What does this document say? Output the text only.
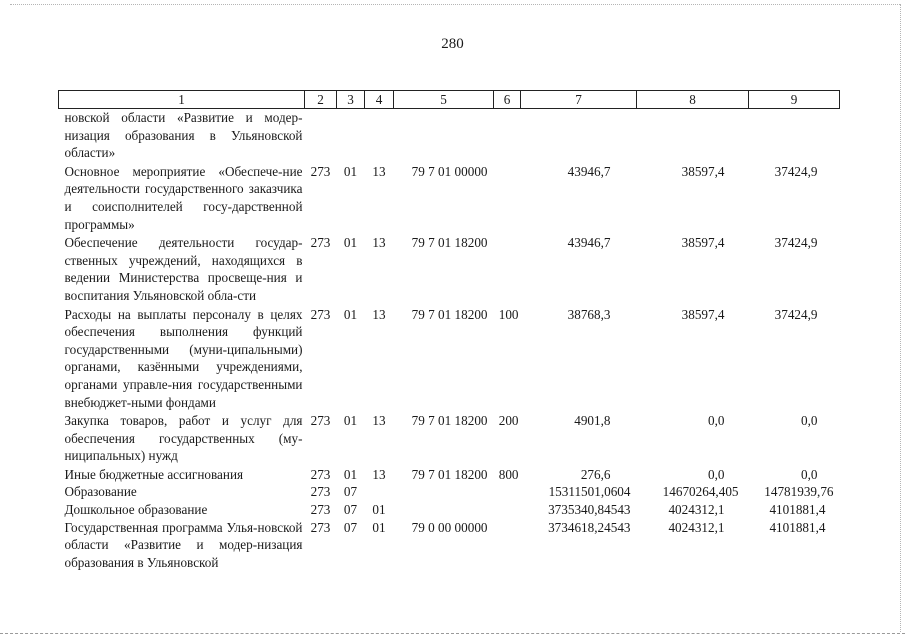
280
1	2	3	4	5	6	7	8	9
новской области «Развитие и модер-низация образования в Ульяновской области»								
Основное мероприятие «Обеспече-ние деятельности государственного заказчика и соисполнителей госу-дарственной программы»	273	01	13	79 7 01 00000		43946,7	38597,4	37424,9
Обеспечение деятельности государ-ственных учреждений, находящихся в ведении Министерства просвеще-ния и воспитания Ульяновской обла-сти	273	01	13	79 7 01 18200		43946,7	38597,4	37424,9
Расходы на выплаты персоналу в целях обеспечения выполнения функций государственными (муни-ципальными) органами, казёнными учреждениями, органами управле-ния государственными внебюджет-ными фондами	273	01	13	79 7 01 18200	100	38768,3	38597,4	37424,9
Закупка товаров, работ и услуг для обеспечения государственных (му-ниципальных) нужд	273	01	13	79 7 01 18200	200	4901,8	0,0	0,0
Иные бюджетные ассигнования	273	01	13	79 7 01 18200	800	276,6	0,0	0,0
Образование	273	07				15311501,0604	14670264,405	14781939,76
Дошкольное образование	273	07	01			3735340,84543	4024312,1	4101881,4
Государственная программа Улья-новской области «Развитие и модер-низация образования в Ульяновской	273	07	01	79 0 00 00000		3734618,24543	4024312,1	4101881,4
